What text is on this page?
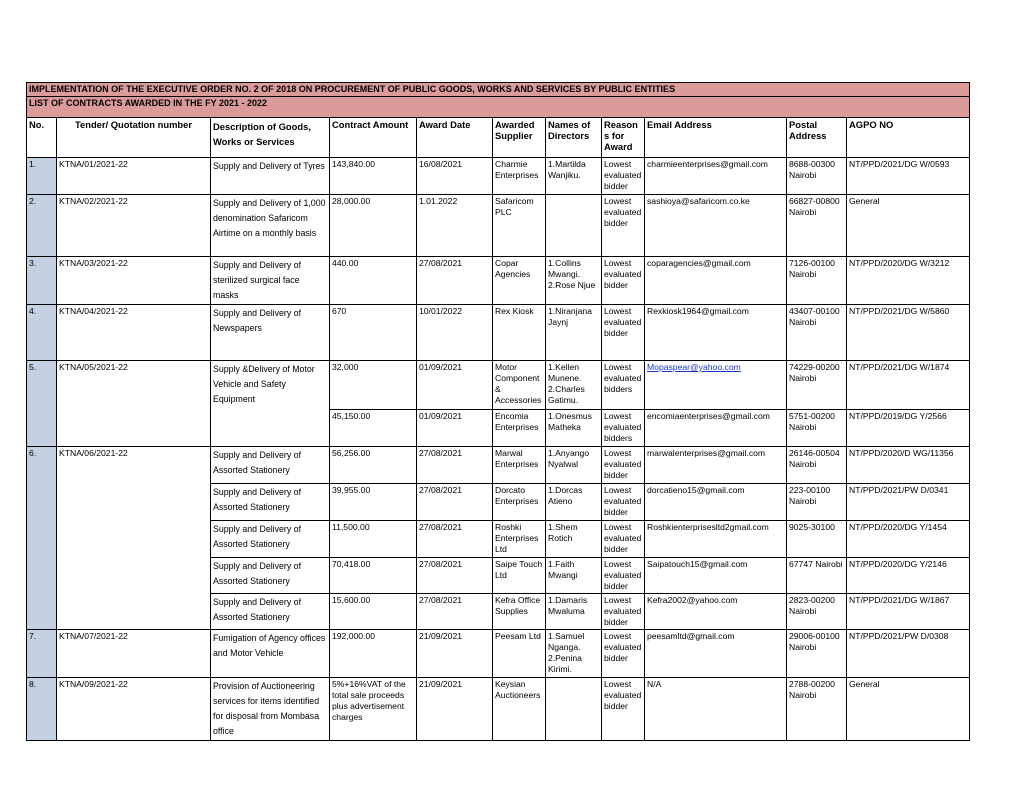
IMPLEMENTATION OF THE EXECUTIVE ORDER NO. 2 OF 2018 ON PROCUREMENT OF PUBLIC GOODS, WORKS AND SERVICES BY PUBLIC ENTITIES										
LIST OF CONTRACTS AWARDED IN THE FY 2021 - 2022										
No.	Tender/ Quotation number	Description of Goods, Works or Services	Contract Amount	Award Date	Awarded Supplier	Names of Directors	Reasons for Award	Email Address	Postal Address	AGPO NO
1.	KTNA/01/2021-22	Supply and Delivery of Tyres	143,840.00	16/08/2021	Charmie Enterprises	1.Martilda Wanjiku.	Lowest evaluated bidder	charmieenterprises@gmail.com	8688-00300 Nairobi	NT/PPD/2021/DG W/0593
2.	KTNA/02/2021-22	Supply and Delivery of 1,000 denomination Safaricom Airtime on a monthly basis	28,000.00	1.01.2022	Safaricom PLC		Lowest evaluated bidder	sashioya@safaricom.co.ke	66827-00800 Nairobi	General
3.	KTNA/03/2021-22	Supply and Delivery of sterilized surgical face masks	440.00	27/08/2021	Copar Agencies	1.Collins Mwangi. 2.Rose Njue	Lowest evaluated bidder	coparagencies@gmail.com	7126-00100 Nairobi	NT/PPD/2020/DG W/3212
4.	KTNA/04/2021-22	Supply and Delivery of Newspapers	670	10/01/2022	Rex Kiosk	1.Niranjana Jaynj	Lowest evaluated bidder	Rexkiosk1964@gmail.com	43407-00100 Nairobi	NT/PPD/2021/DG W/5860
5.	KTNA/05/2021-22	Supply &Delivery of Motor Vehicle and Safety Equipment	32,000	01/09/2021	Motor Component & Accessories	1.Kellen Munene. 2.Charles Gatimu.	Lowest evaluated bidders	Mopaspear@yahoo.com	74229-00200 Nairobi	NT/PPD/2021/DG W/1874
			45,150.00	01/09/2021	Encomia Enterprises	1.Onesmus Matheka	Lowest evaluated bidders	encomiaenterprises@gmail.com	5751-00200 Nairobi	NT/PPD/2019/DG Y/2566
6.	KTNA/06/2021-22	Supply and Delivery of Assorted Stationery	56,256.00	27/08/2021	Marwal Enterprises	1.Anyango Nyalwal	Lowest evaluated bidder	marwalenterprises@gmail.com	26146-00504 Nairobi	NT/PPD/2020/D WG/11356
		Supply and Delivery of Assorted Stationery	39,955.00	27/08/2021	Dorcato Enterprises	1.Dorcas Atieno	Lowest evaluated bidder	dorcatieno15@gmail.com	223-00100 Nairobi	NT/PPD/2021/PW D/0341
		Supply and Delivery of Assorted Stationery	11,500.00	27/08/2021	Roshki Enterprises Ltd	1.Shem Rotich	Lowest evaluated bidder	Roshkienterprisesltd2gmail.com	9025-30100	NT/PPD/2020/DG Y/1454
		Supply and Delivery of Assorted Stationery	70,418.00	27/08/2021	Saipe Touch Ltd	1.Faith Mwangi	Lowest evaluated bidder	Saipatouch15@gmail.com	67747 Nairobi	NT/PPD/2020/DG Y/2146
		Supply and Delivery of Assorted Stationery	15,600.00	27/08/2021	Kefra Office Supplies	1.Damaris Mwaluma	Lowest evaluated bidder	Kefra2002@yahoo.com	2823-00200 Nairobi	NT/PPD/2021/DG W/1867
7.	KTNA/07/2021-22	Fumigation of Agency offices and Motor Vehicle	192,000.00	21/09/2021	Peesam Ltd	1.Samuel Nganga. 2.Penina Kirimi.	Lowest evaluated bidder	peesamltd@gmail.com	29006-00100 Nairobi	NT/PPD/2021/PW D/0308
8.	KTNA/09/2021-22	Provision of Auctioneering services for items identified for disposal from Mombasa office	5%+16%VAT of the total sale proceeds plus advertisement charges	21/09/2021	Keysian Auctioneers		Lowest evaluated bidder	N/A	2788-00200 Nairobi	General
